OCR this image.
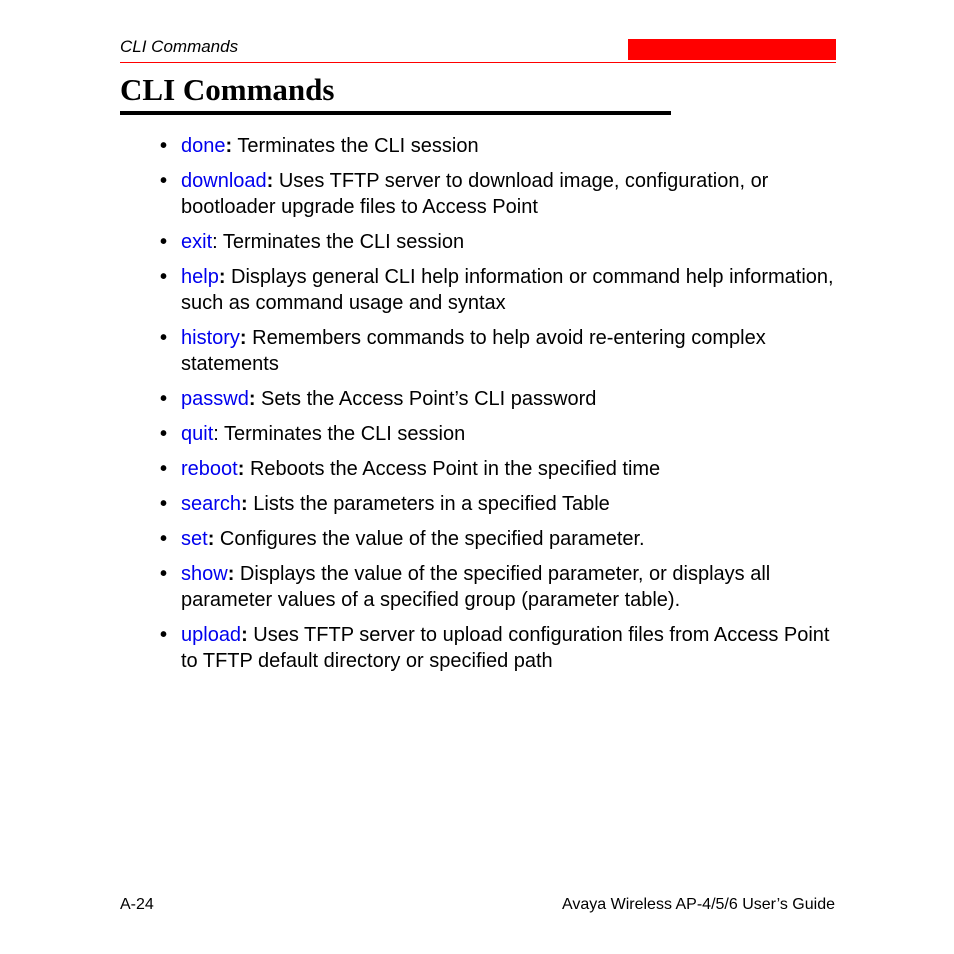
CLI Commands
CLI Commands
• done: Terminates the CLI session
• download: Uses TFTP server to download image, configuration, or bootloader upgrade files to Access Point
• exit: Terminates the CLI session
• help: Displays general CLI help information or command help information, such as command usage and syntax
• history: Remembers commands to help avoid re-entering complex statements
• passwd: Sets the Access Point’s CLI password
• quit: Terminates the CLI session
• reboot: Reboots the Access Point in the specified time
• search: Lists the parameters in a specified Table
• set: Configures the value of the specified parameter.
• show: Displays the value of the specified parameter, or displays all parameter values of a specified group (parameter table).
• upload: Uses TFTP server to upload configuration files from Access Point to TFTP default directory or specified path
A-24	Avaya Wireless AP-4/5/6 User’s Guide
